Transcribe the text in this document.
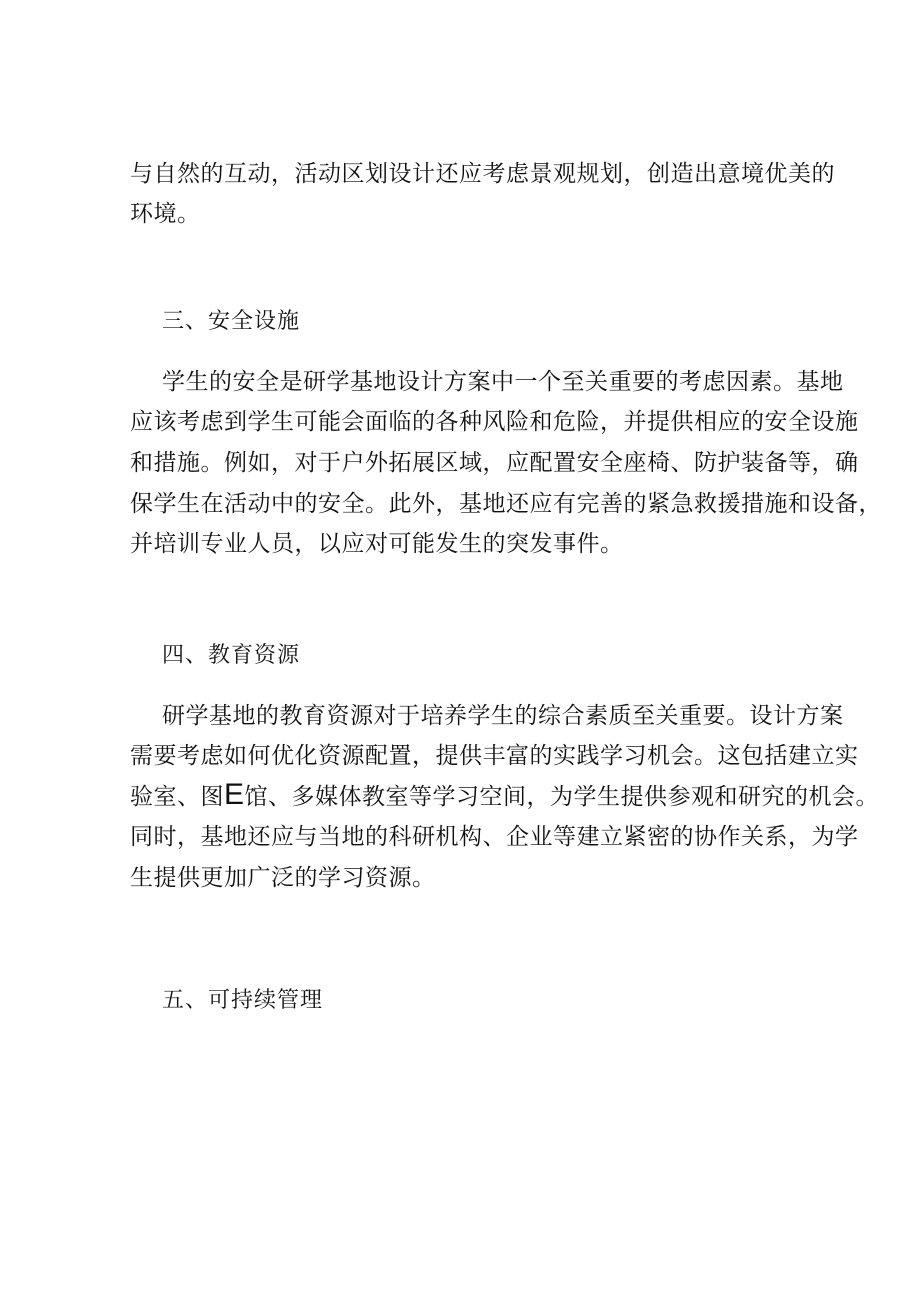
与自然的互动，活动区划设计还应考虑景观规划，创造出意境优美的
环境。
三、安全设施
学生的安全是研学基地设计方案中一个至关重要的考虑因素。基地
应该考虑到学生可能会面临的各种风险和危险，并提供相应的安全设施
和措施。例如，对于户外拓展区域，应配置安全座椅、防护装备等，确
保学生在活动中的安全。此外，基地还应有完善的紧急救援措施和设备，
并培训专业人员，以应对可能发生的突发事件。
四、教育资源
研学基地的教育资源对于培养学生的综合素质至关重要。设计方案
需要考虑如何优化资源配置，提供丰富的实践学习机会。这包括建立实
验室、图E馆、多媒体教室等学习空间，为学生提供参观和研究的机会。
同时，基地还应与当地的科研机构、企业等建立紧密的协作关系，为学
生提供更加广泛的学习资源。
五、可持续管理
